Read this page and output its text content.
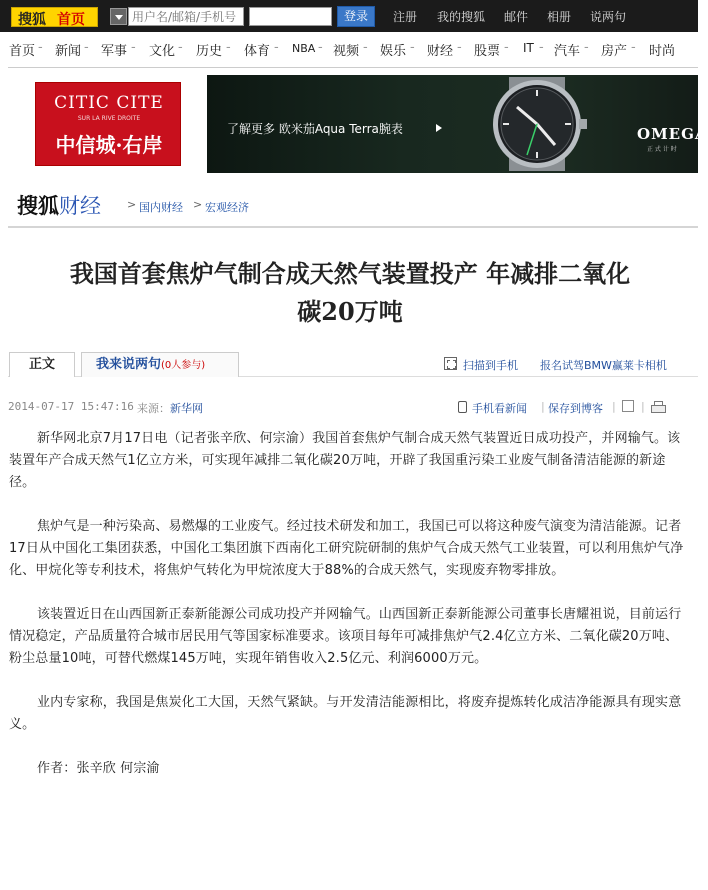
搜狐 首页
用户名/邮箱/手机号	登录	注册 我的搜狐 邮件 相册 说两句
首页 - 新闻 - 军事 - 文化 - 历史 - 体育 - NBA - 视频 - 娱乐 - 财经 - 股票 - IT - 汽车 - 房产 - 时尚
CITIC CITE
SUR LA RIVE DROITE
中信城·右岸
了解更多 欧米茄Aqua Terra腕表	OMEGA
正 式 计 时
搜狐财经 > 国内财经 > 宏观经济
我国首套焦炉气制合成天然气装置投产 年减排二氧化
碳20万吨
正文	我来说两句(0人参与)	扫描到手机 报名试驾BMW赢莱卡相机
2014-07-17 15:47:16 来源：新华网	手机看新闻 | 保存到博客 | |

新华网北京7月17日电（记者张辛欣、何宗渝）我国首套焦炉气制合成天然气装置近日成功投产，并网输气。该装置年产合成天然气1亿立方米，可实现年减排二氧化碳20万吨，开辟了我国重污染工业废气制备清洁能源的新途径。

焦炉气是一种污染高、易燃爆的工业废气。经过技术研发和加工，我国已可以将这种废气演变为清洁能源。记者17日从中国化工集团获悉，中国化工集团旗下西南化工研究院研制的焦炉气合成天然气工业装置，可以利用焦炉气净化、甲烷化等专利技术，将焦炉气转化为甲烷浓度大于88%的合成天然气，实现废弃物零排放。

该装置近日在山西国新正泰新能源公司成功投产并网输气。山西国新正泰新能源公司董事长唐耀祖说，目前运行情况稳定，产品质量符合城市居民用气等国家标准要求。该项目每年可减排焦炉气2.4亿立方米、二氧化碳20万吨、粉尘总量10吨，可替代燃煤145万吨，实现年销售收入2.5亿元、利润6000万元。

业内专家称，我国是焦炭化工大国，天然气紧缺。与开发清洁能源相比，将废弃提炼转化成洁净能源具有现实意义。

作者：张辛欣 何宗渝
